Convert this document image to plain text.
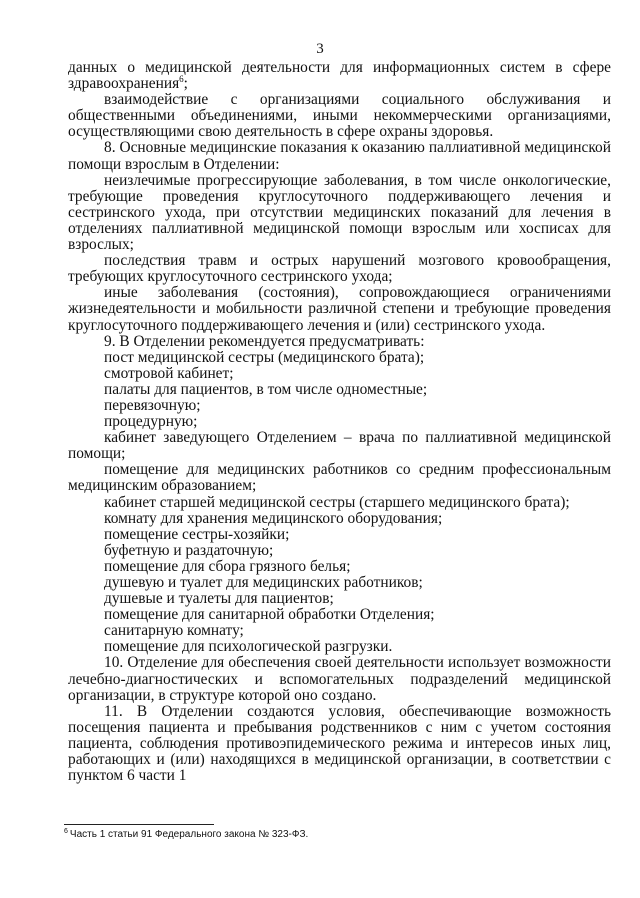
3

данных о медицинской деятельности для информационных систем в сфере здравоохранения$^6$;

взаимодействие с организациями социального обслуживания и общественными объединениями, иными некоммерческими организациями, осуществляющими свою деятельность в сфере охраны здоровья.

8. Основные медицинские показания к оказанию паллиативной медицинской помощи взрослым в Отделении:

неизлечимые прогрессирующие заболевания, в том числе онкологические, требующие проведения круглосуточного поддерживающего лечения и сестринского ухода, при отсутствии медицинских показаний для лечения в отделениях паллиативной медицинской помощи взрослым или хосписах для взрослых;

последствия травм и острых нарушений мозгового кровообращения, требующих круглосуточного сестринского ухода;

иные заболевания (состояния), сопровождающиеся ограничениями жизнедеятельности и мобильности различной степени и требующие проведения круглосуточного поддерживающего лечения и (или) сестринского ухода.

9. В Отделении рекомендуется предусматривать:

пост медицинской сестры (медицинского брата);

смотровой кабинет;

палаты для пациентов, в том числе одноместные;

перевязочную;

процедурную;

кабинет заведующего Отделением – врача по паллиативной медицинской помощи;

помещение для медицинских работников со средним профессиональным медицинским образованием;

кабинет старшей медицинской сестры (старшего медицинского брата);

комнату для хранения медицинского оборудования;

помещение сестры-хозяйки;

буфетную и раздаточную;

помещение для сбора грязного белья;

душевую и туалет для медицинских работников;

душевые и туалеты для пациентов;

помещение для санитарной обработки Отделения;

санитарную комнату;

помещение для психологической разгрузки.

10. Отделение для обеспечения своей деятельности использует возможности лечебно-диагностических и вспомогательных подразделений медицинской организации, в структуре которой оно создано.

11. В Отделении создаются условия, обеспечивающие возможность посещения пациента и пребывания родственников с ним с учетом состояния пациента, соблюдения противоэпидемического режима и интересов иных лиц, работающих и (или) находящихся в медицинской организации, в соответствии с пунктом 6 части 1

$^6$ Часть 1 статьи 91 Федерального закона № 323-ФЗ.
